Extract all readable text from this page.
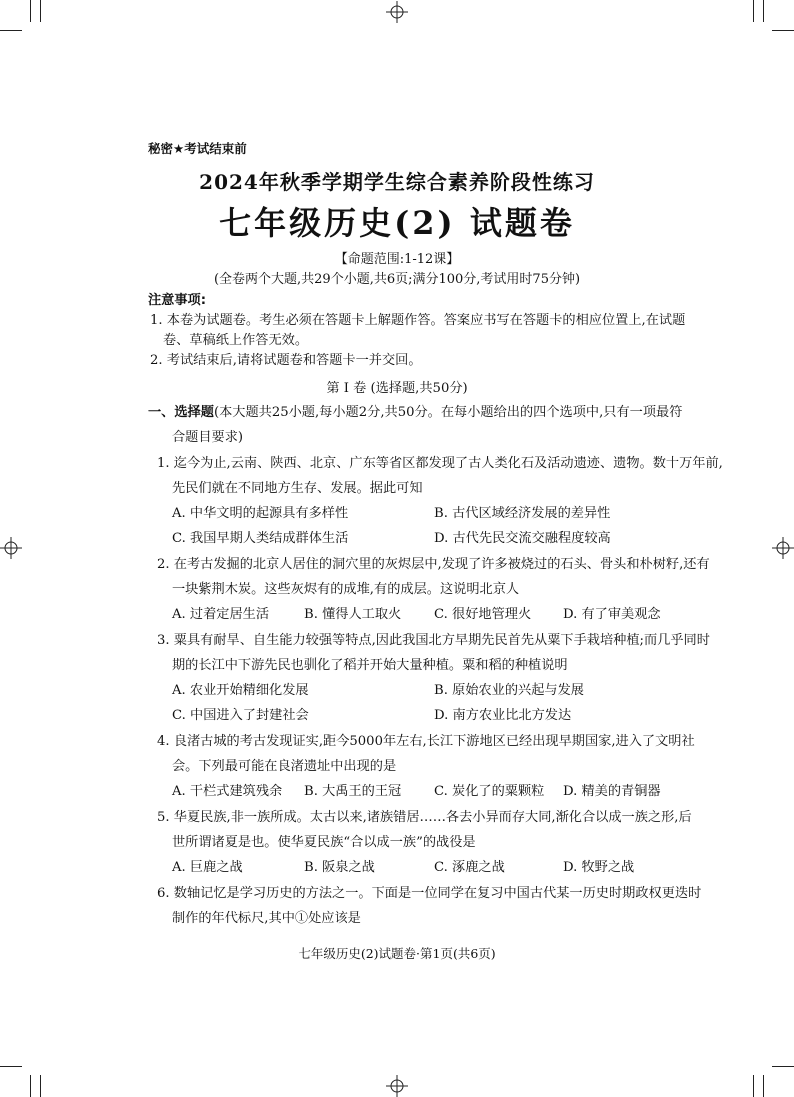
秘密★考试结束前
2024年秋季学期学生综合素养阶段性练习
七年级历史(2) 试题卷
【命题范围:1-12课】
(全卷两个大题,共29个小题,共6页;满分100分,考试用时75分钟)
注意事项:
1. 本卷为试题卷。考生必须在答题卡上解题作答。答案应书写在答题卡的相应位置上,在试题
卷、草稿纸上作答无效。
2. 考试结束后,请将试题卷和答题卡一并交回。
第 I 卷 (选择题,共50分)
一、选择题(本大题共25小题,每小题2分,共50分。在每小题给出的四个选项中,只有一项最符
合题目要求)
1. 迄今为止,云南、陕西、北京、广东等省区都发现了古人类化石及活动遗迹、遗物。数十万年前,
先民们就在不同地方生存、发展。据此可知
A. 中华文明的起源具有多样性	B. 古代区域经济发展的差异性
C. 我国早期人类结成群体生活	D. 古代先民交流交融程度较高
2. 在考古发掘的北京人居住的洞穴里的灰烬层中,发现了许多被烧过的石头、骨头和朴树籽,还有
一块紫荆木炭。这些灰烬有的成堆,有的成层。这说明北京人
A. 过着定居生活	B. 懂得人工取火 C. 很好地管理火 D. 有了审美观念
3. 粟具有耐旱、自生能力较强等特点,因此我国北方早期先民首先从粟下手栽培种植;而几乎同时
期的长江中下游先民也驯化了稻并开始大量种植。粟和稻的种植说明
A. 农业开始精细化发展	B. 原始农业的兴起与发展
C. 中国进入了封建社会	D. 南方农业比北方发达
4. 良渚古城的考古发现证实,距今5000年左右,长江下游地区已经出现早期国家,进入了文明社
会。下列最可能在良渚遗址中出现的是
A. 干栏式建筑残余 B. 大禹王的王冠 C. 炭化了的粟颗粒 D. 精美的青铜器
5. 华夏民族,非一族所成。太古以来,诸族错居……各去小异而存大同,渐化合以成一族之形,后
世所谓诸夏是也。使华夏民族“合以成一族”的战役是
A. 巨鹿之战	B. 阪泉之战	C. 涿鹿之战	D. 牧野之战
6. 数轴记忆是学习历史的方法之一。下面是一位同学在复习中国古代某一历史时期政权更迭时
制作的年代标尺,其中①处应该是
七年级历史(2)试题卷·第1页(共6页)
